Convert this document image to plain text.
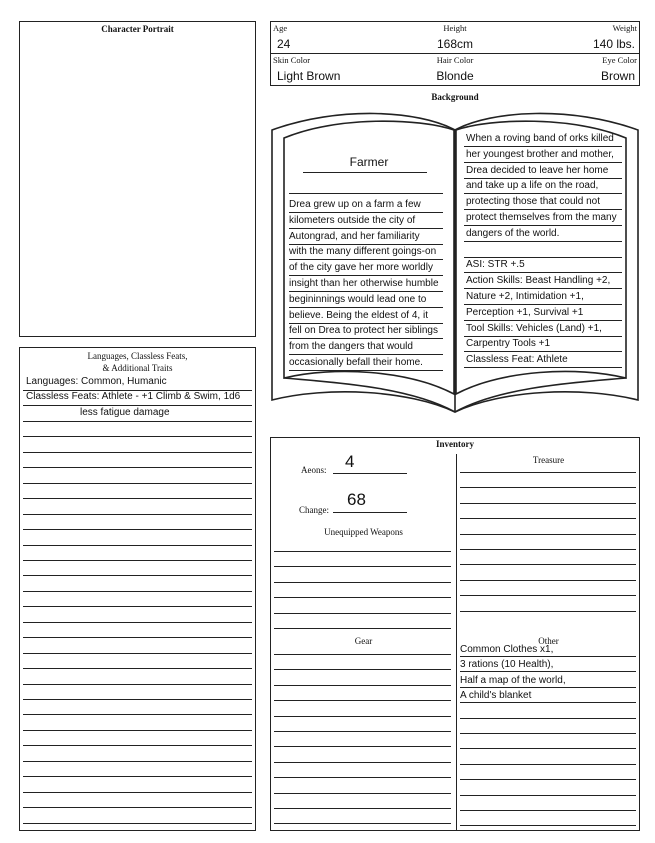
Character Portrait	Age	Height	Weight
24	168cm	140 lbs.
Skin Color	Hair Color	Eye Color
Light Brown	Blonde	Brown
Background
Farmer
Drea grew up on a farm a few
kilometers outside the city of
Autongrad, and her familiarity
with the many different goings-on
of the city gave her more worldly
insight than her otherwise humble
begininnings would lead one to
believe. Being the eldest of 4, it
fell on Drea to protect her siblings
from the dangers that would
occasionally befall their home.
When a roving band of orks killed
her youngest brother and mother,
Drea decided to leave her home
and take up a life on the road,
protecting those that could not
protect themselves from the many
dangers of the world.
ASI: STR +.5
Action Skills: Beast Handling +2,
Nature +2, Intimidation +1,
Perception +1, Survival +1
Tool Skills: Vehicles (Land) +1,
Carpentry Tools +1
Classless Feat: Athlete
Languages, Classless Feats,
& Additional Traits
Languages: Common, Humanic
Classless Feats: Athlete - +1 Climb & Swim, 1d6
less fatigue damage
Inventory
Aeons:	4
Change:
68
Unequipped Weapons
Treasure
Gear	Other
Common Clothes x1,
3 rations (10 Health),
Half a map of the world,
A child's blanket
